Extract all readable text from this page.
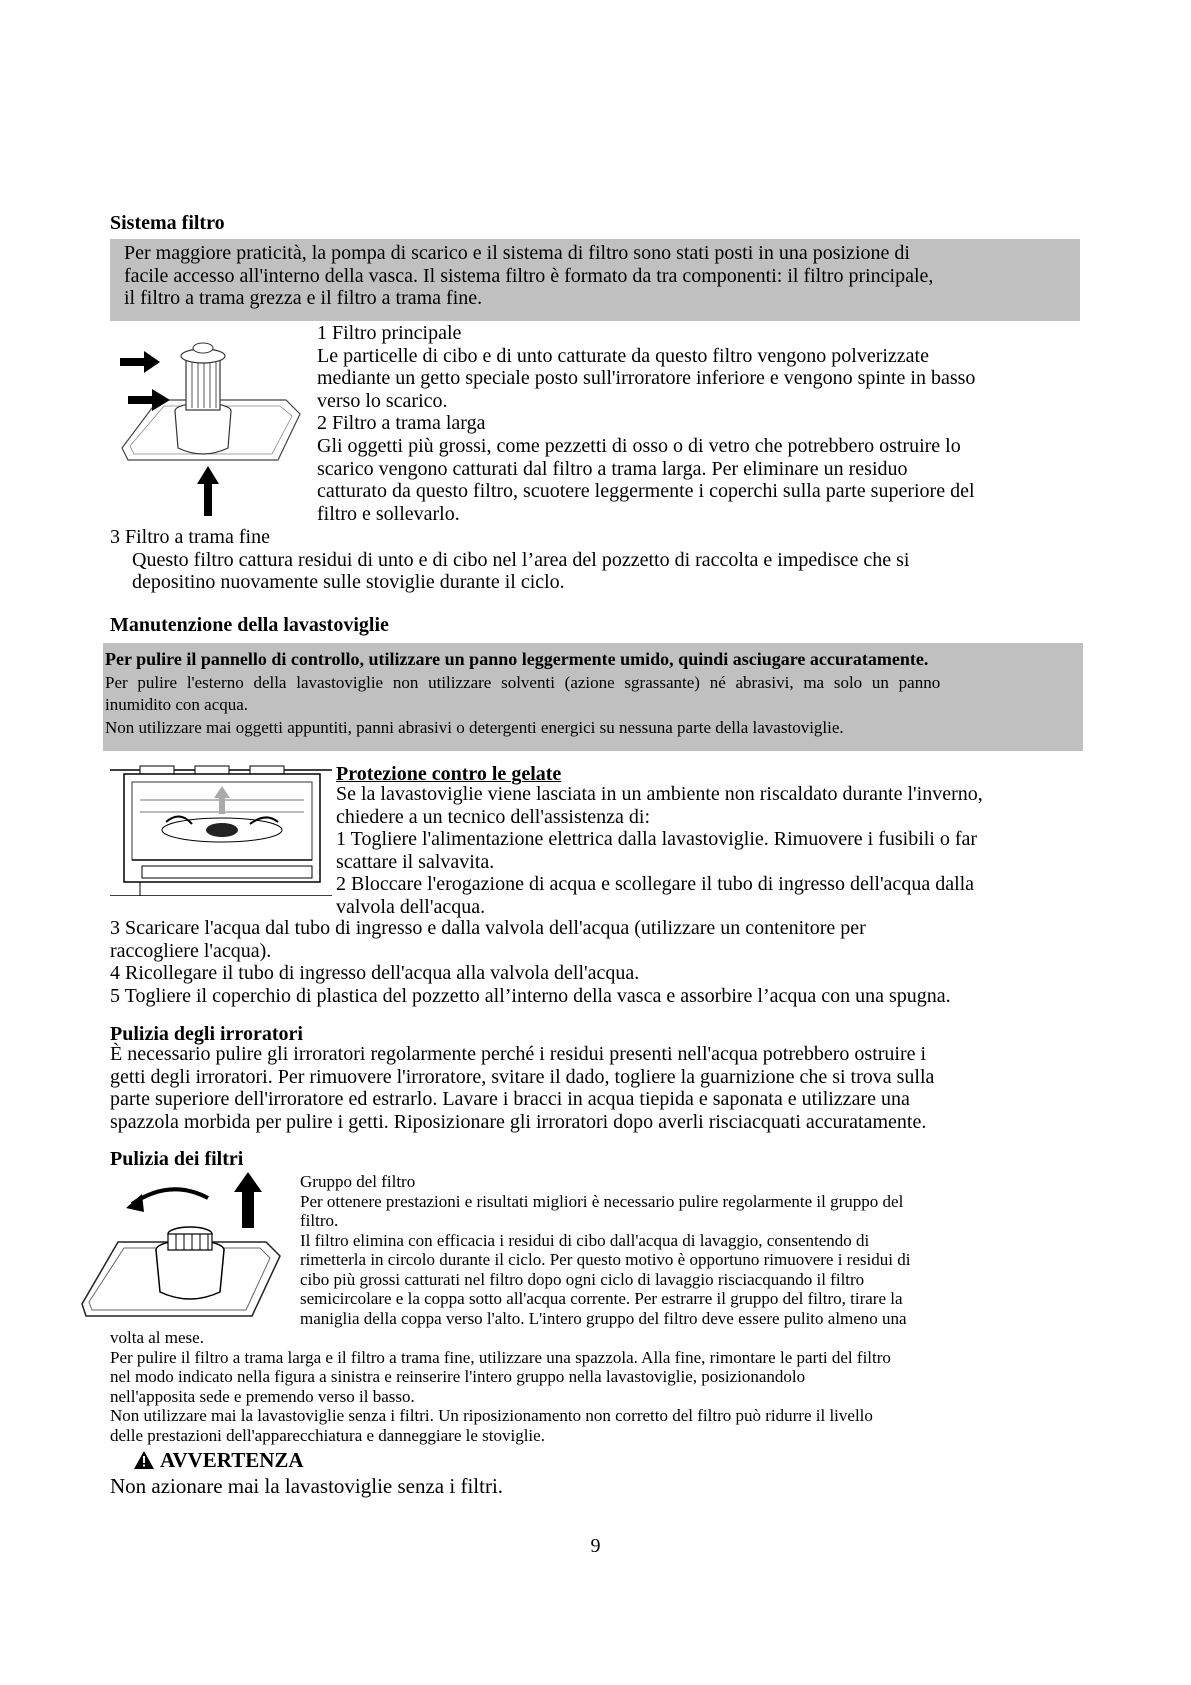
Sistema filtro
Per maggiore praticità, la pompa di scarico e il sistema di filtro sono stati posti in una posizione di
facile accesso all'interno della vasca. Il sistema filtro è formato da tra componenti: il filtro principale,
il filtro a trama grezza e il filtro a trama fine.
1 Filtro principale
Le particelle di cibo e di unto catturate da questo filtro vengono polverizzate
mediante un getto speciale posto sull'irroratore inferiore e vengono spinte in basso
verso lo scarico.
2 Filtro a trama larga
Gli oggetti più grossi, come pezzetti di osso o di vetro che potrebbero ostruire lo
scarico vengono catturati dal filtro a trama larga. Per eliminare un residuo
catturato da questo filtro, scuotere leggermente i coperchi sulla parte superiore del
filtro e sollevarlo.
3 Filtro a trama fine
Questo filtro cattura residui di unto e di cibo nel l’area del pozzetto di raccolta e impedisce che si
depositino nuovamente sulle stoviglie durante il ciclo.
Manutenzione della lavastoviglie
Per pulire il pannello di controllo, utilizzare un panno leggermente umido, quindi asciugare accuratamente.
Per pulire l'esterno della lavastoviglie non utilizzare solventi (azione sgrassante) né abrasivi, ma solo un panno
inumidito con acqua.
Non utilizzare mai oggetti appuntiti, panni abrasivi o detergenti energici su nessuna parte della lavastoviglie.
Protezione contro le gelate
Se la lavastoviglie viene lasciata in un ambiente non riscaldato durante l'inverno,
chiedere a un tecnico dell'assistenza di:
1 Togliere l'alimentazione elettrica dalla lavastoviglie. Rimuovere i fusibili o far
scattare il salvavita.
2 Bloccare l'erogazione di acqua e scollegare il tubo di ingresso dell'acqua dalla
valvola dell'acqua.
3 Scaricare l'acqua dal tubo di ingresso e dalla valvola dell'acqua (utilizzare un contenitore per
raccogliere l'acqua).
4 Ricollegare il tubo di ingresso dell'acqua alla valvola dell'acqua.
5 Togliere il coperchio di plastica del pozzetto all’interno della vasca e assorbire l’acqua con una spugna.
Pulizia degli irroratori
È necessario pulire gli irroratori regolarmente perché i residui presenti nell'acqua potrebbero ostruire i
getti degli irroratori. Per rimuovere l'irroratore, svitare il dado, togliere la guarnizione che si trova sulla
parte superiore dell'irroratore ed estrarlo. Lavare i bracci in acqua tiepida e saponata e utilizzare una
spazzola morbida per pulire i getti. Riposizionare gli irroratori dopo averli risciacquati accuratamente.
Pulizia dei filtri
Gruppo del filtro
Per ottenere prestazioni e risultati migliori è necessario pulire regolarmente il gruppo del
filtro.
Il filtro elimina con efficacia i residui di cibo dall'acqua di lavaggio, consentendo di
rimetterla in circolo durante il ciclo. Per questo motivo è opportuno rimuovere i residui di
cibo più grossi catturati nel filtro dopo ogni ciclo di lavaggio risciacquando il filtro
semicircolare e la coppa sotto all'acqua corrente. Per estrarre il gruppo del filtro, tirare la
maniglia della coppa verso l'alto. L'intero gruppo del filtro deve essere pulito almeno una
volta al mese.
Per pulire il filtro a trama larga e il filtro a trama fine, utilizzare una spazzola. Alla fine, rimontare le parti del filtro
nel modo indicato nella figura a sinistra e reinserire l'intero gruppo nella lavastoviglie, posizionandolo
nell'apposita sede e premendo verso il basso.
Non utilizzare mai la lavastoviglie senza i filtri. Un riposizionamento non corretto del filtro può ridurre il livello
delle prestazioni dell'apparecchiatura e danneggiare le stoviglie.
AVVERTENZA
Non azionare mai la lavastoviglie senza i filtri.
9
